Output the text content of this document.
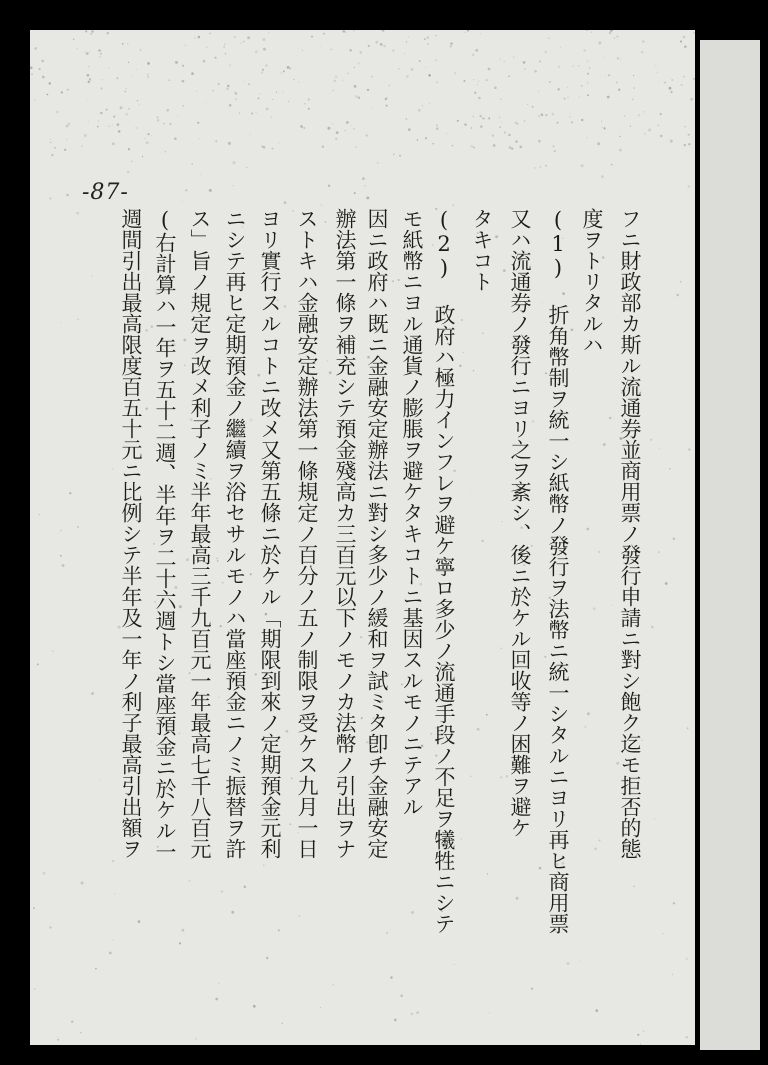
-87-
フニ財政部カ斯ル流通券並商用票ノ發行申請ニ對シ飽ク迄モ拒否的態
度ヲトリタルハ
(1) 折角幣制ヲ統一シ紙幣ノ發行ヲ法幣ニ統一シタルニヨリ再ヒ商用票
又ハ流通券ノ發行ニヨリ之ヲ紊シ、後ニ於ケル回收等ノ困難ヲ避ケ
タキコト
(2) 政府ハ極力インフレヲ避ケ寧ロ多少ノ流通手段ノ不足ヲ犧牲ニシテ
モ紙幣ニヨル通貨ノ膨脹ヲ避ケタキコトニ基因スルモノニテアル
因ニ政府ハ既ニ金融安定辦法ニ對シ多少ノ緩和ヲ試ミタ卽チ金融安定
辦法第一條ヲ補充シテ預金殘高カ三百元以下ノモノカ法幣ノ引出ヲナ
ストキハ金融安定辦法第一條規定ノ百分ノ五ノ制限ヲ受ケス九月一日
ヨリ實行スルコトニ改メ又第五條ニ於ケル「期限到來ノ定期預金元利
ニシテ再ヒ定期預金ノ繼續ヲ浴セサルモノハ當座預金ニノミ振替ヲ許
ス」旨ノ規定ヲ改メ利子ノミ半年最高三千九百元一年最高七千八百元
(右計算ハ一年ヲ五十二週、半年ヲ二十六週トシ當座預金ニ於ケル一
週間引出最高限度百五十元ニ比例シテ半年及一年ノ利子最高引出額ヲ
